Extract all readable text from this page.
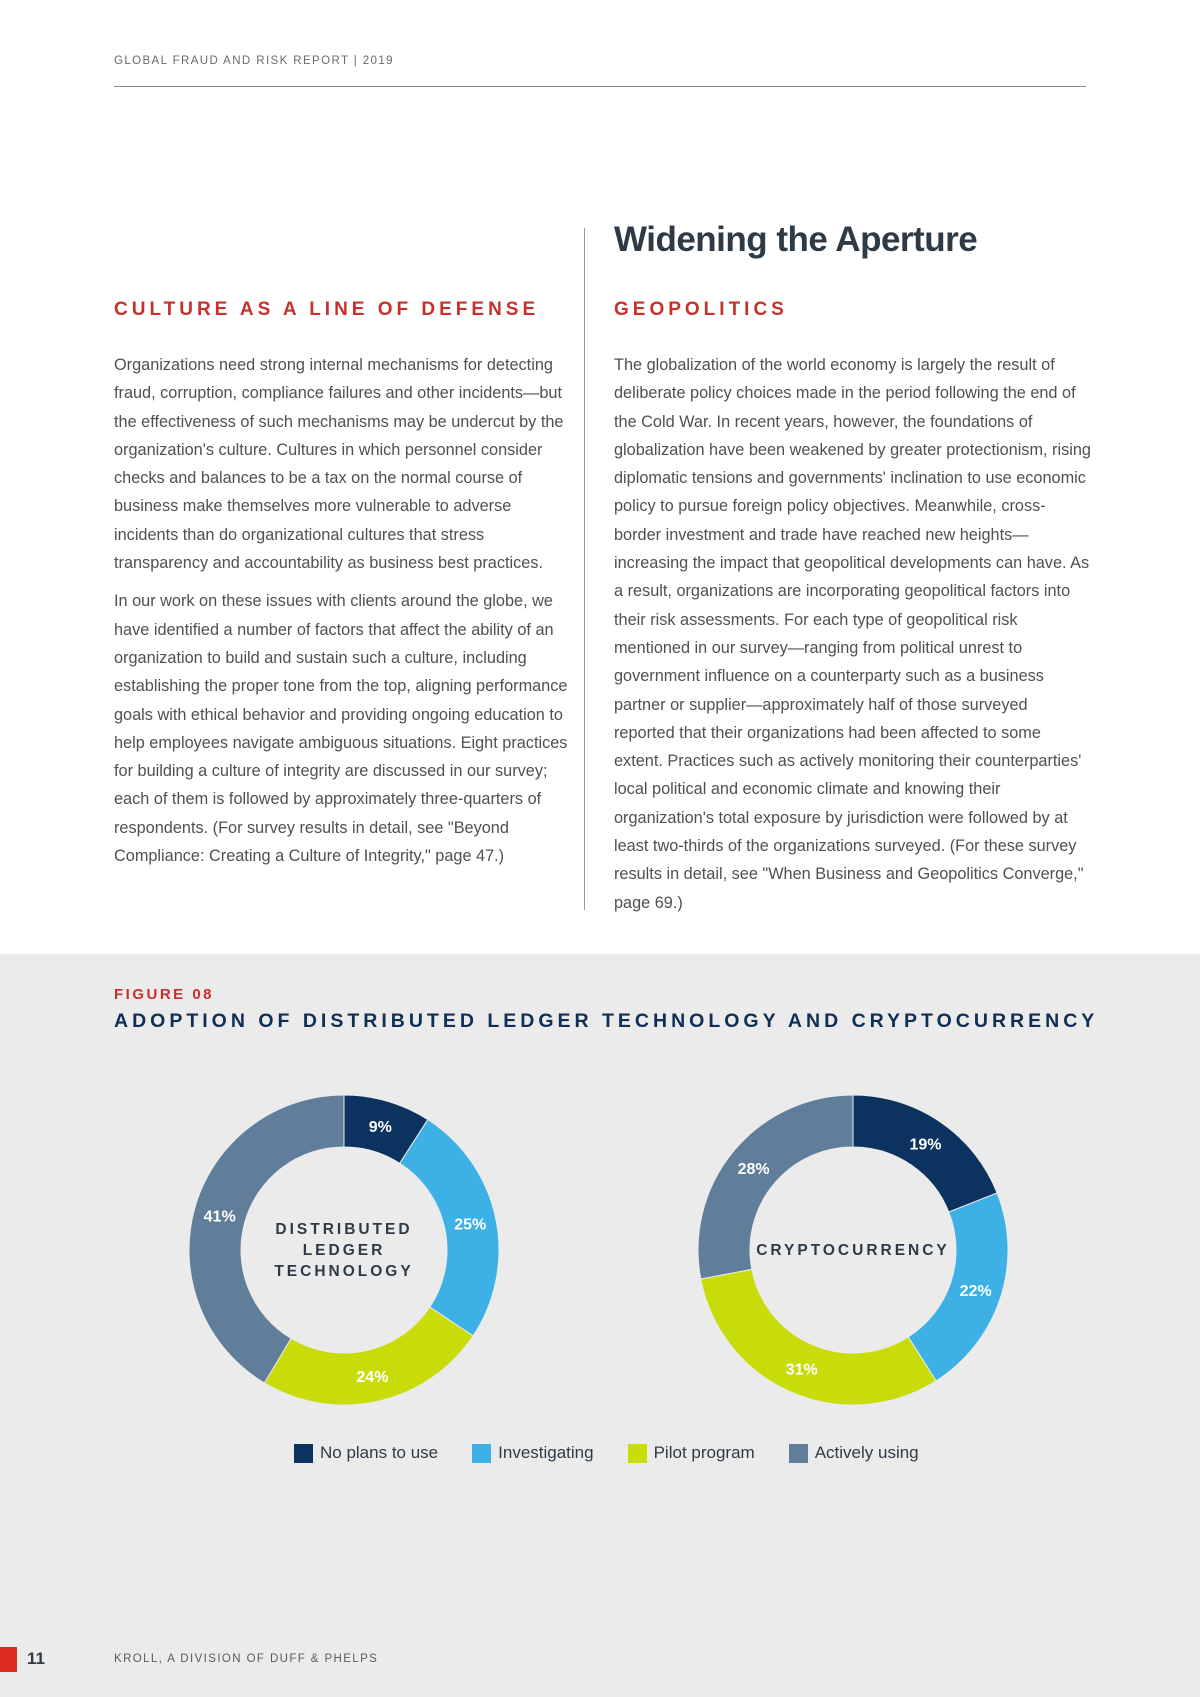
GLOBAL FRAUD AND RISK REPORT | 2019
Widening the Aperture
CULTURE AS A LINE OF DEFENSE	GEOPOLITICS

Organizations need strong internal mechanisms for detecting fraud, corruption, compliance failures and other incidents—but the effectiveness of such mechanisms may be undercut by the organization's culture. Cultures in which personnel consider checks and balances to be a tax on the normal course of business make themselves more vulnerable to adverse incidents than do organizational cultures that stress transparency and accountability as business best practices.

In our work on these issues with clients around the globe, we have identified a number of factors that affect the ability of an organization to build and sustain such a culture, including establishing the proper tone from the top, aligning performance goals with ethical behavior and providing ongoing education to help employees navigate ambiguous situations. Eight practices for building a culture of integrity are discussed in our survey; each of them is followed by approximately three-quarters of respondents. (For survey results in detail, see "Beyond Compliance: Creating a Culture of Integrity," page 47.)

The globalization of the world economy is largely the result of deliberate policy choices made in the period following the end of the Cold War. In recent years, however, the foundations of globalization have been weakened by greater protectionism, rising diplomatic tensions and governments' inclination to use economic policy to pursue foreign policy objectives. Meanwhile, cross-border investment and trade have reached new heights—increasing the impact that geopolitical developments can have. As a result, organizations are incorporating geopolitical factors into their risk assessments. For each type of geopolitical risk mentioned in our survey—ranging from political unrest to government influence on a counterparty such as a business partner or supplier—approximately half of those surveyed reported that their organizations had been affected to some extent. Practices such as actively monitoring their counterparties' local political and economic climate and knowing their organization's total exposure by jurisdiction were followed by at least two-thirds of the organizations surveyed. (For these survey results in detail, see "When Business and Geopolitics Converge," page 69.)

FIGURE 08
ADOPTION OF DISTRIBUTED LEDGER TECHNOLOGY AND CRYPTOCURRENCY
9%
25%
24%
41%
DISTRIBUTED
LEDGER
TECHNOLOGY
19%
22%
31%
28%
CRYPTOCURRENCY
No plans to use	Investigating	Pilot program	Actively using
11	KROLL, A DIVISION OF DUFF & PHELPS
